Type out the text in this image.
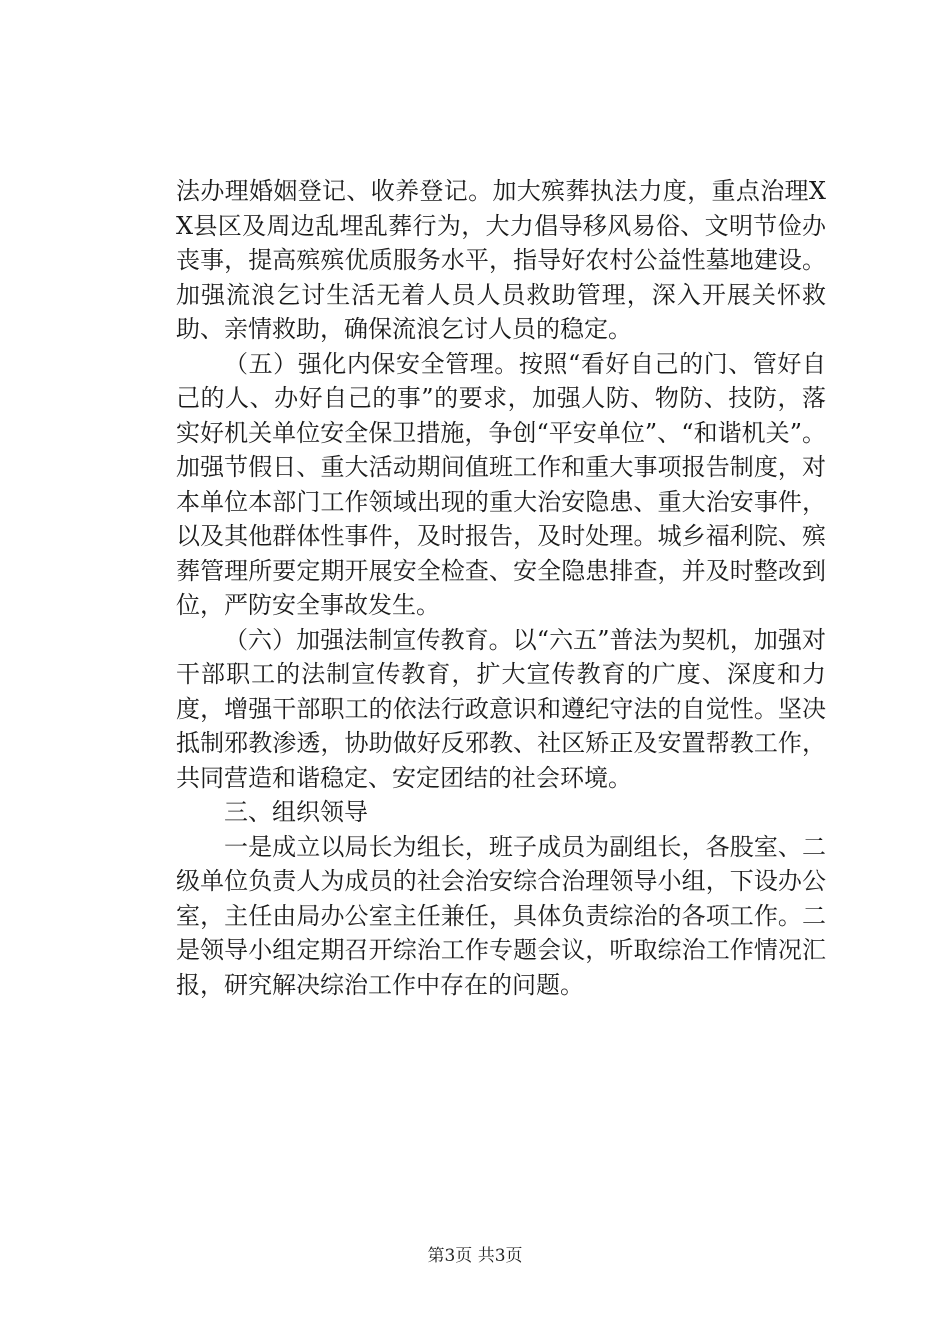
法办理婚姻登记、收养登记。加大殡葬执法力度，重点治理XX县区及周边乱埋乱葬行为，大力倡导移风易俗、文明节俭办丧事，提高殡殡优质服务水平，指导好农村公益性墓地建设。加强流浪乞讨生活无着人员人员救助管理，深入开展关怀救助、亲情救助，确保流浪乞讨人员的稳定。

（五）强化内保安全管理。按照“看好自己的门、管好自己的人、办好自己的事”的要求，加强人防、物防、技防，落实好机关单位安全保卫措施，争创“平安单位”、“和谐机关”。加强节假日、重大活动期间值班工作和重大事项报告制度，对本单位本部门工作领域出现的重大治安隐患、重大治安事件，以及其他群体性事件，及时报告，及时处理。城乡福利院、殡葬管理所要定期开展安全检查、安全隐患排查，并及时整改到位，严防安全事故发生。

（六）加强法制宣传教育。以“六五”普法为契机，加强对干部职工的法制宣传教育，扩大宣传教育的广度、深度和力度，增强干部职工的依法行政意识和遵纪守法的自觉性。坚决抵制邪教渗透，协助做好反邪教、社区矫正及安置帮教工作，共同营造和谐稳定、安定团结的社会环境。

三、组织领导

一是成立以局长为组长，班子成员为副组长，各股室、二级单位负责人为成员的社会治安综合治理领导小组，下设办公室，主任由局办公室主任兼任，具体负责综治的各项工作。二是领导小组定期召开综治工作专题会议，听取综治工作情况汇报，研究解决综治工作中存在的问题。

第3页 共3页
